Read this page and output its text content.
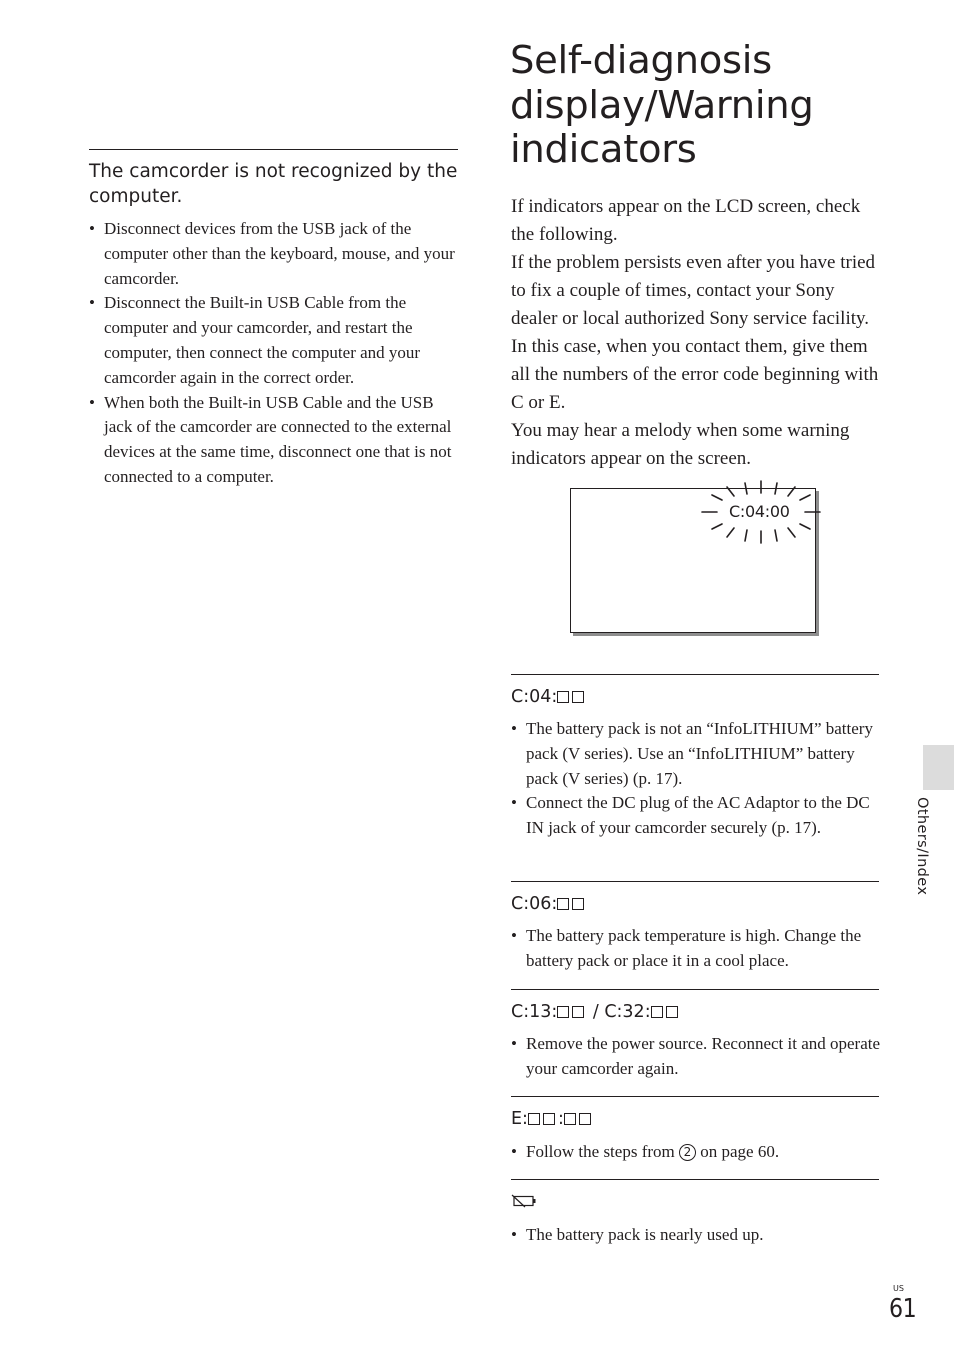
The camcorder is not recognized by the computer.
• Disconnect devices from the USB jack of the computer other than the keyboard, mouse, and your camcorder.
• Disconnect the Built-in USB Cable from the computer and your camcorder, and restart the computer, then connect the computer and your camcorder again in the correct order.
• When both the Built-in USB Cable and the USB jack of the camcorder are connected to the external devices at the same time, disconnect one that is not connected to a computer.
Self-diagnosis display/Warning indicators

If indicators appear on the LCD screen, check the following.

If the problem persists even after you have tried to fix a couple of times, contact your Sony dealer or local authorized Sony service facility. In this case, when you contact them, give them all the numbers of the error code beginning with C or E.

You may hear a melody when some warning indicators appear on the screen.

C:04:00
C:04:
• The battery pack is not an “InfoLITHIUM” battery pack (V series). Use an “InfoLITHIUM” battery pack (V series) (p. 17).
• Connect the DC plug of the AC Adaptor to the DC IN jack of your camcorder securely (p. 17).
C:06:
• The battery pack temperature is high. Change the battery pack or place it in a cool place.
C:13: / C:32:
• Remove the power source. Reconnect it and operate your camcorder again.
E: :
• Follow the steps from 2 on page 60.
• The battery pack is nearly used up.
Others/Index
US
61
